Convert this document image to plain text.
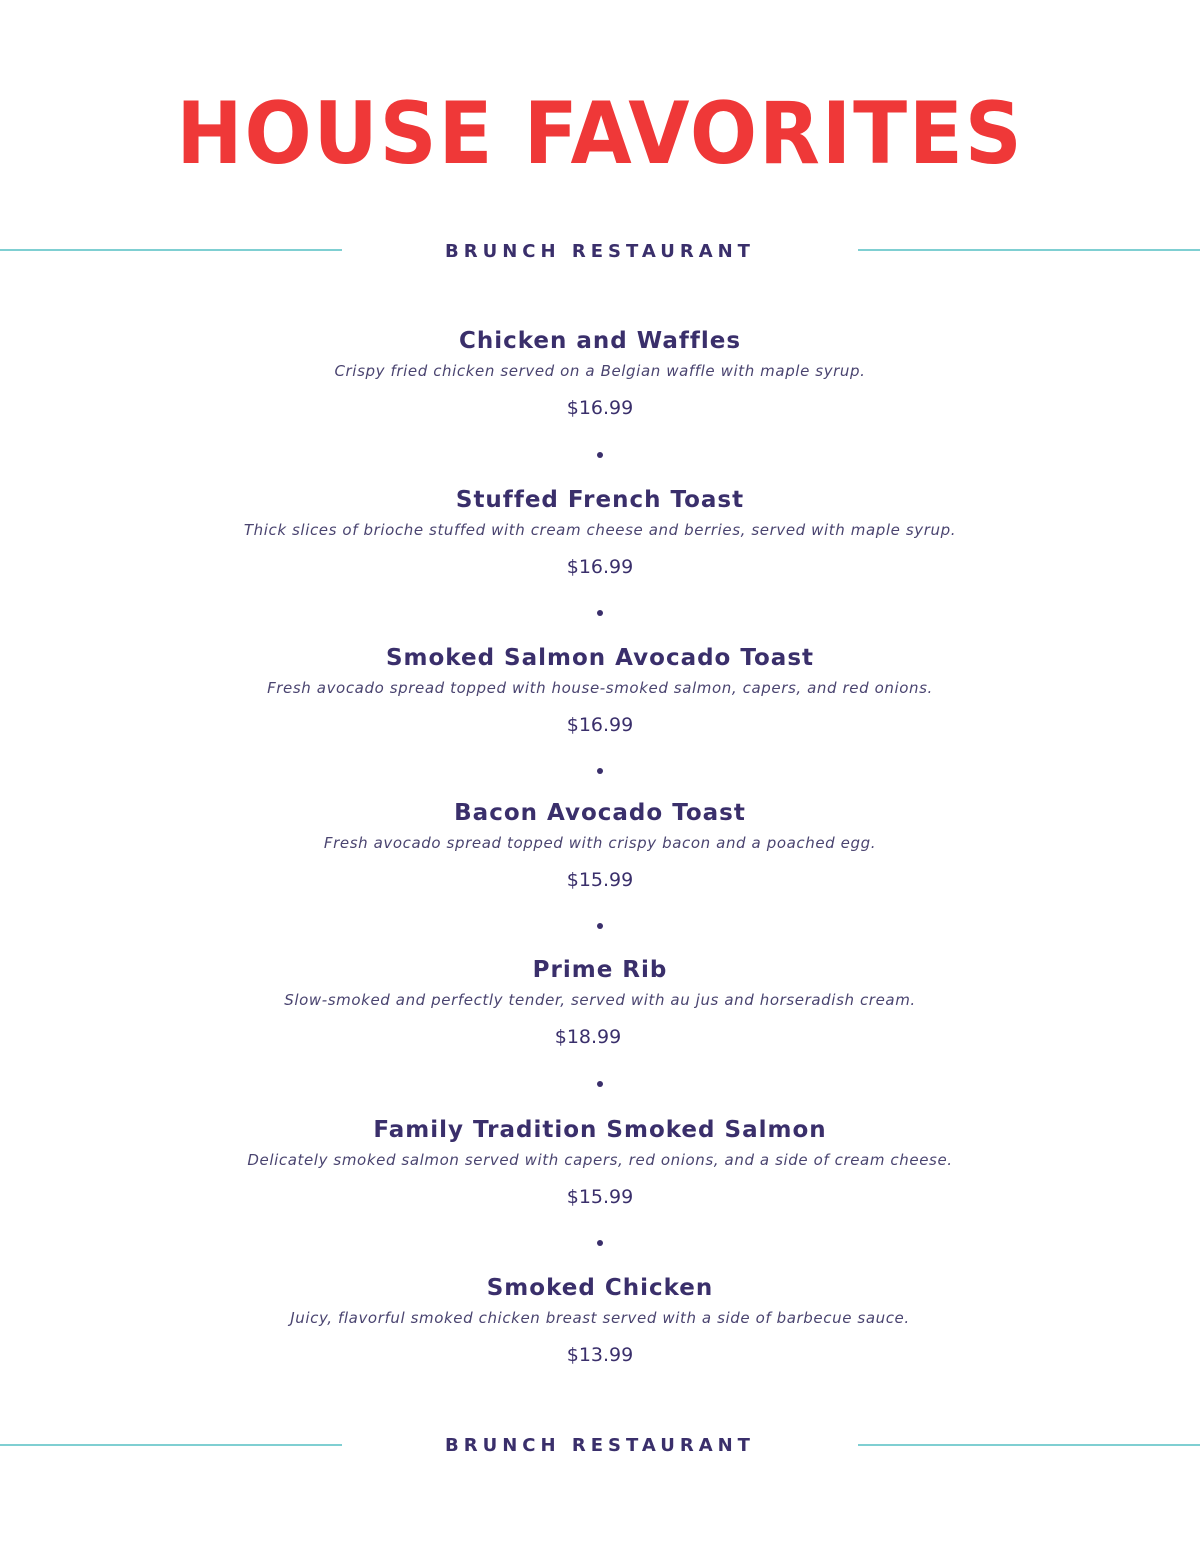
HOUSE FAVORITES
BRUNCH RESTAURANT
Chicken and Waffles
Crispy fried chicken served on a Belgian waffle with maple syrup.
$16.99
Stuffed French Toast
Thick slices of brioche stuffed with cream cheese and berries, served with maple syrup.
$16.99
Smoked Salmon Avocado Toast
Fresh avocado spread topped with house-smoked salmon, capers, and red onions.
$16.99
Bacon Avocado Toast
Fresh avocado spread topped with crispy bacon and a poached egg.
$15.99
Prime Rib
Slow-smoked and perfectly tender, served with au jus and horseradish cream.
$18.99
Family Tradition Smoked Salmon
Delicately smoked salmon served with capers, red onions, and a side of cream cheese.
$15.99
Smoked Chicken
Juicy, flavorful smoked chicken breast served with a side of barbecue sauce.
$13.99
BRUNCH RESTAURANT
